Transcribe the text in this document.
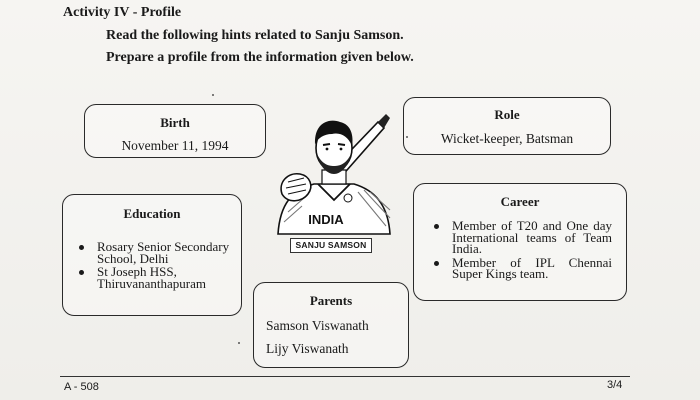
Activity IV - Profile
Read the following hints related to Sanju Samson.
Prepare a profile from the information given below.
Birth
November 11, 1994
Role
Wicket-keeper, Batsman
Education
Rosary Senior Secondary School, Delhi
St Joseph HSS, Thiruvananthapuram
Career
Member of T20 and One day International teams of Team India.
Member of IPL Chennai Super Kings team.
Parents
Samson Viswanath
Lijy Viswanath
INDIA
SANJU SAMSON
A - 508	3/4
